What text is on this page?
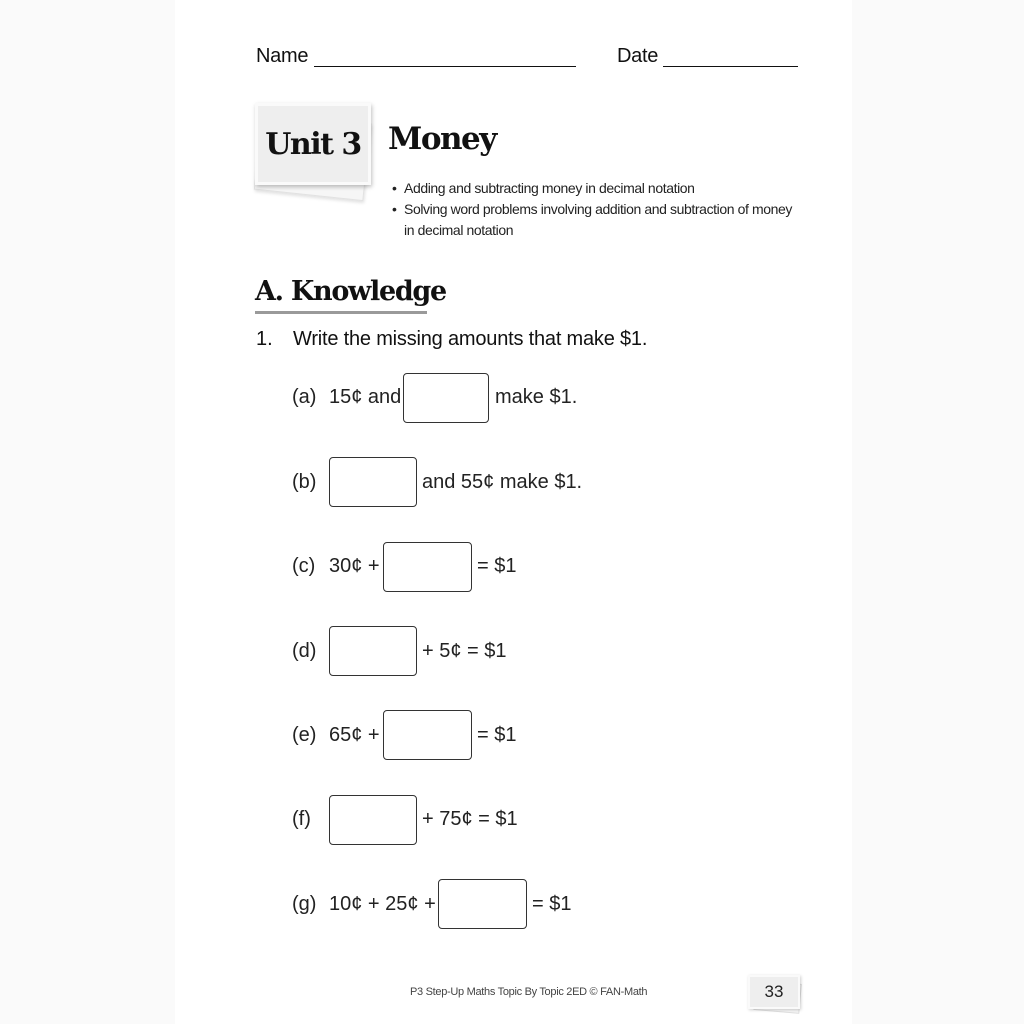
Name	Date
Unit 3 Money
• Adding and subtracting money in decimal notation
• Solving word problems involving addition and subtraction of money in decimal notation
A. Knowledge
1. Write the missing amounts that make $1.
(a) 15¢ and	make $1.
(b)	and 55¢ make $1.
(c) 30¢ +	= $1
(d)	+ 5¢ = $1
(e) 65¢ +	= $1
(f)	+ 75¢ = $1
(g) 10¢ + 25¢ +	= $1
P3 Step-Up Maths Topic By Topic 2ED © FAN-Math	33
